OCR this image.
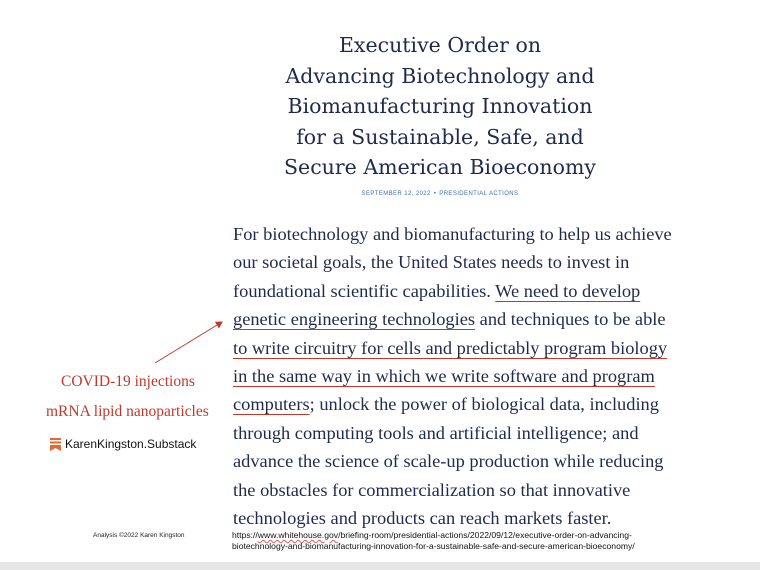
Executive Order on
Advancing Biotechnology and
Biomanufacturing Innovation
for a Sustainable, Safe, and
Secure American Bioeconomy
SEPTEMBER 12, 2022 • PRESIDENTIAL ACTIONS
For biotechnology and biomanufacturing to help us achieve
our societal goals, the United States needs to invest in
foundational scientific capabilities. We need to develop
genetic engineering technologies and techniques to be able
to write circuitry for cells and predictably program biology
in the same way in which we write software and program
computers; unlock the power of biological data, including
through computing tools and artificial intelligence; and
advance the science of scale-up production while reducing
the obstacles for commercialization so that innovative
technologies and products can reach markets faster.
COVID-19 injections
mRNA lipid nanoparticles
KarenKingston.Substack
Analysis ©2022 Karen Kingston	https://www.whitehouse.gov/briefing-room/presidential-actions/2022/09/12/executive-order-on-advancing-
biotechnology-and-biomanufacturing-innovation-for-a-sustainable-safe-and-secure-american-bioeconomy/
